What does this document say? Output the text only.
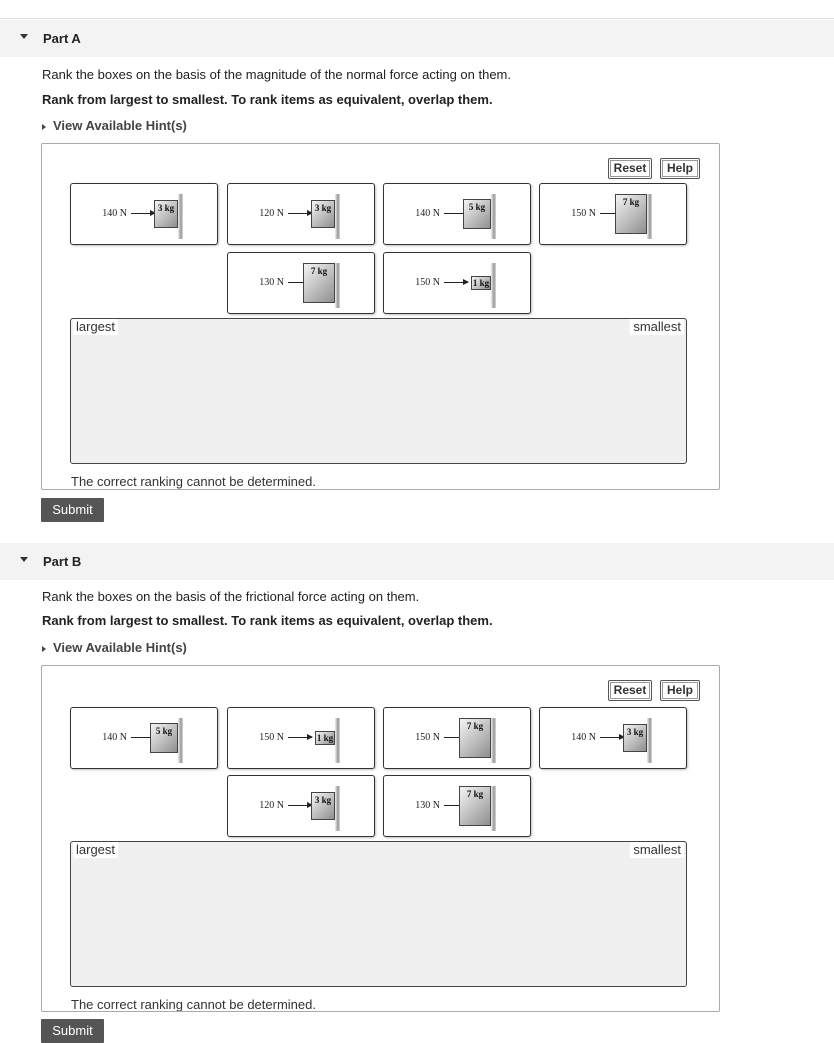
Part A
Rank the boxes on the basis of the magnitude of the normal force acting on them.
Rank from largest to smallest. To rank items as equivalent, overlap them.
View Available Hint(s)
Reset	Help
140 N	3 kg	120 N	3 kg	140 N
5 kg
150 N
7 kg
130 N
7 kg
150 N	1 kg
largest	smallest
The correct ranking cannot be determined.
Submit
Part B
Rank the boxes on the basis of the frictional force acting on them.
Rank from largest to smallest. To rank items as equivalent, overlap them.
View Available Hint(s)
Reset	Help
140 N
5 kg
150 N	1 kg	150 N
7 kg
140 N	3 kg
120 N	3 kg	130 N
7 kg
largest	smallest
The correct ranking cannot be determined.
Submit
